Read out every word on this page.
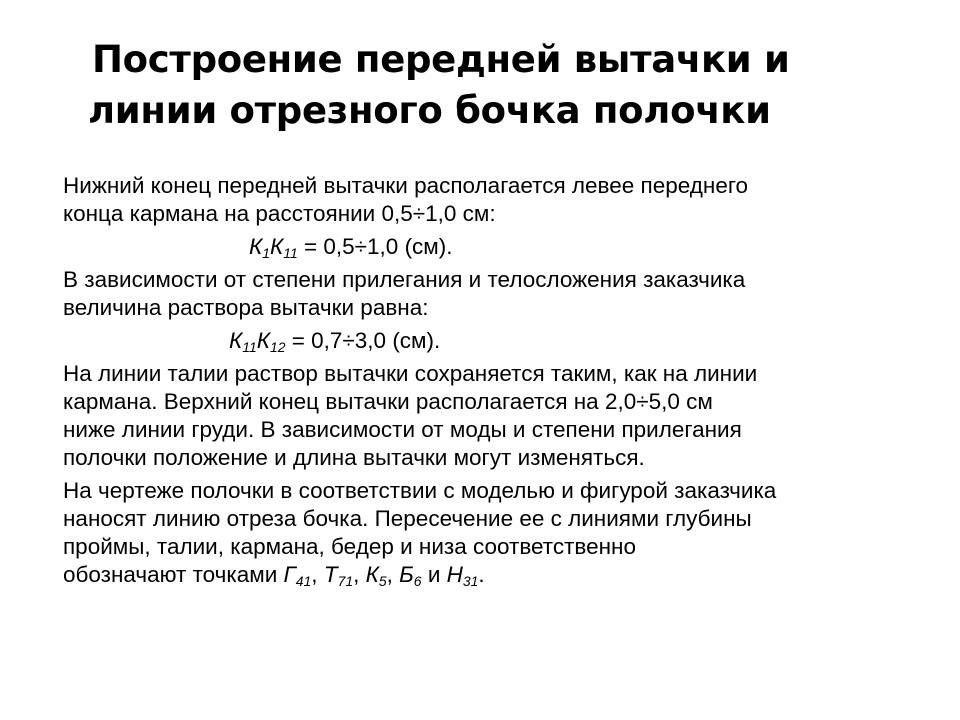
Построение передней вытачки и
линии отрезного бочка полочки
Нижний конец передней вытачки располагается левее переднего
конца кармана на расстоянии 0,5÷1,0 см:
$К_1К_{11} = 0,5\div 1,0$ (см).
В зависимости от степени прилегания и телосложения заказчика
величина раствора вытачки равна:
$К_{11}К_{12} = 0,7\div 3,0$ (см).
На линии талии раствор вытачки сохраняется таким, как на линии
кармана. Верхний конец вытачки располагается на 2,0÷5,0 см
ниже линии груди. В зависимости от моды и степени прилегания
полочки положение и длина вытачки могут изменяться.
На чертеже полочки в соответствии с моделью и фигурой заказчика
наносят линию отреза бочка. Пересечение ее с линиями глубины
проймы, талии, кармана, бедер и низа соответственно
обозначают точками $Г_{41}$, $Т_{71}$, $К_5$, $Б_6$ и $Н_{31}$.
